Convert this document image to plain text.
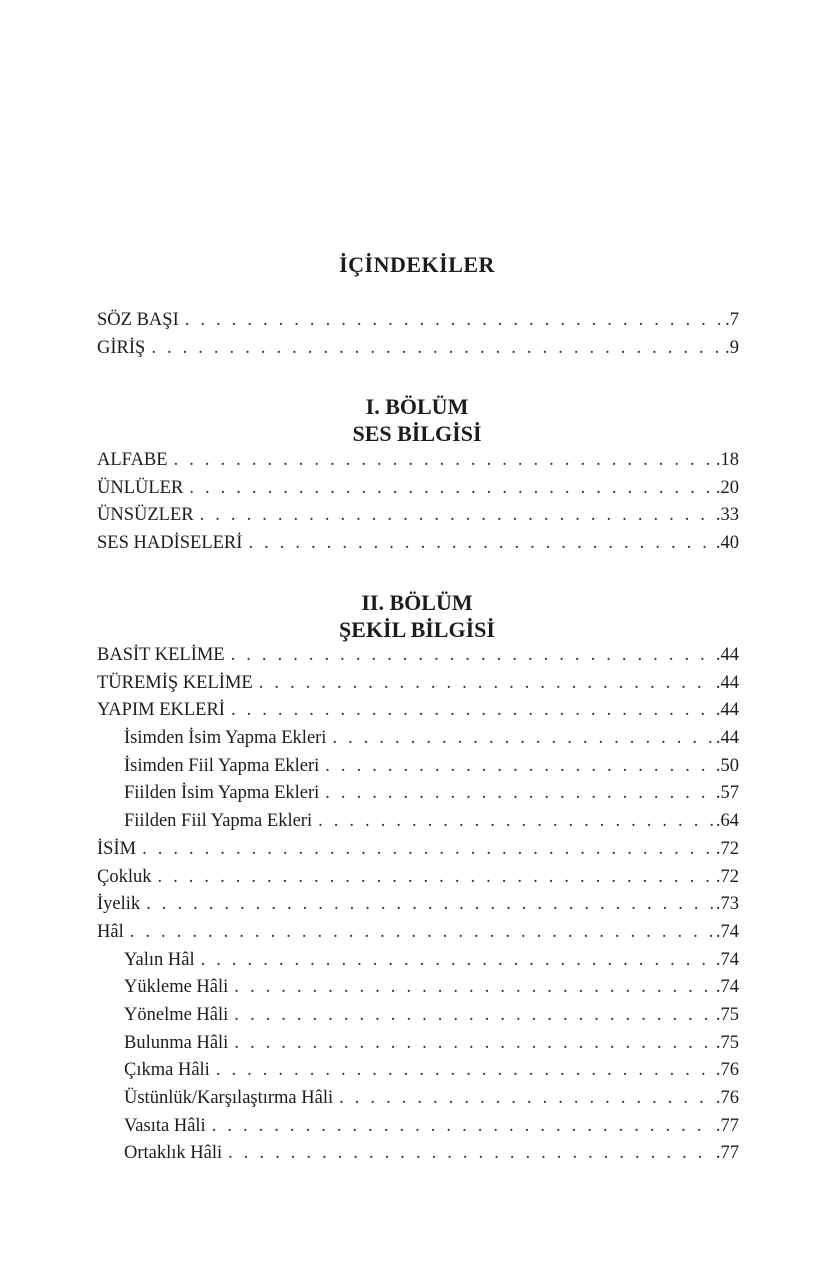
İÇİNDEKİLER
SÖZ BAŞI . . .	.7
GİRİŞ . . .	.9
I. BÖLÜM
SES BİLGİSİ
ALFABE . . .	.18
ÜNLÜLER . . .	.20
ÜNSÜZLER . . .	.33
SES HADİSELERİ . . .	.40
II. BÖLÜM
ŞEKİL BİLGİSİ
BASİT KELİME . . .	.44
TÜREMİŞ KELİME . . .	.44
YAPIM EKLERİ . . .	.44
İsimden İsim Yapma Ekleri . . .	.44
İsimden Fiil Yapma Ekleri . . .	.50
Fiilden İsim Yapma Ekleri . . .	.57
Fiilden Fiil Yapma Ekleri . . .	.64
İSİM . . .	.72
Çokluk . . .	.72
İyelik . . .	.73
Hâl . . .	.74
Yalın Hâl . . .	.74
Yükleme Hâli . . .	.74
Yönelme Hâli . . .	.75
Bulunma Hâli . . .	.75
Çıkma Hâli . . .	.76
Üstünlük/Karşılaştırma Hâli . . .	.76
Vasıta Hâli . . .	.77
Ortaklık Hâli . . .	.77
